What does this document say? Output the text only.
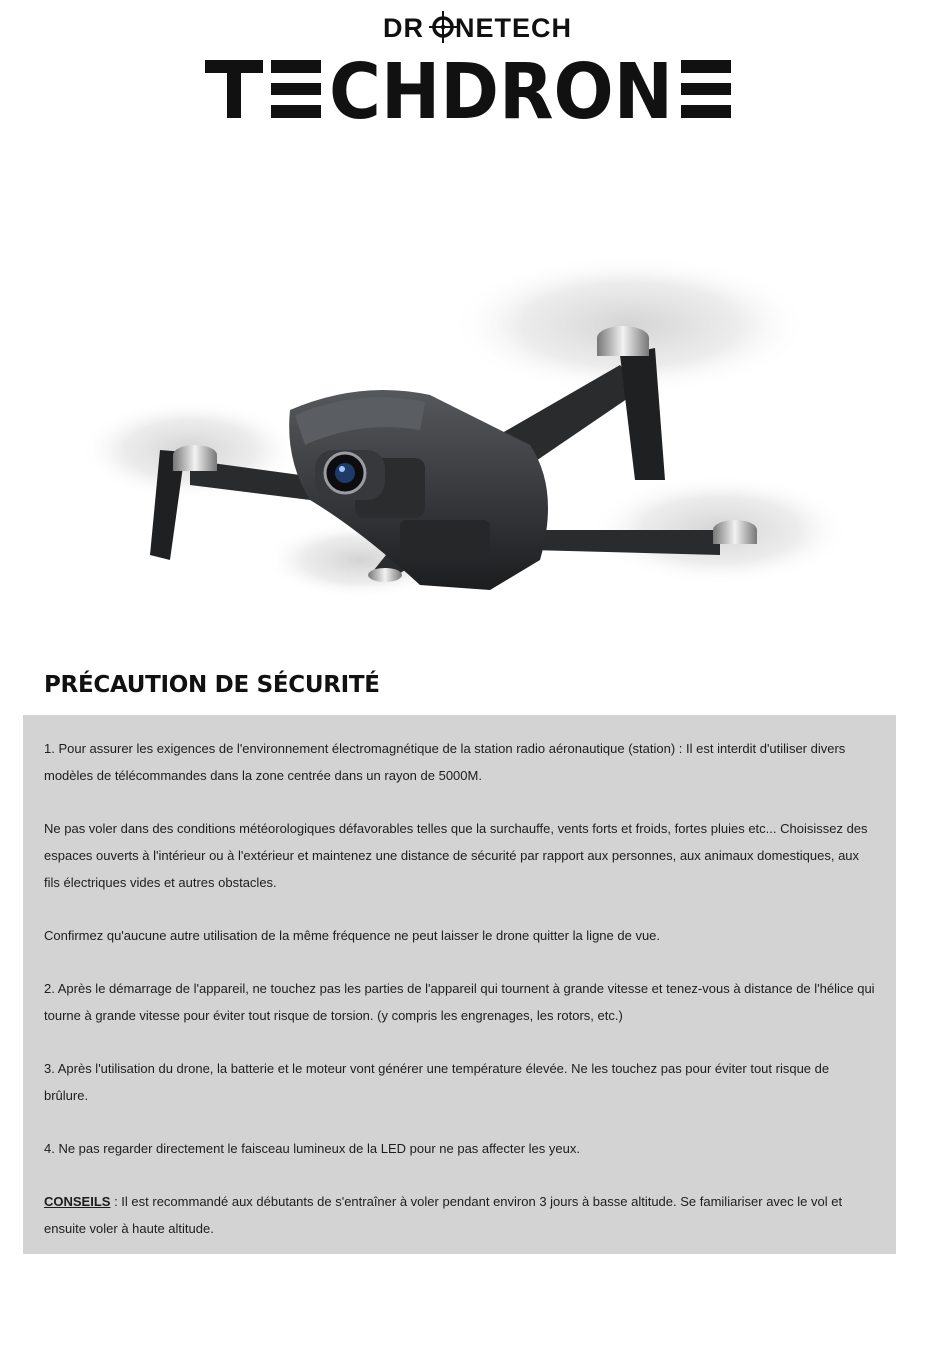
DR NETECH
CHDRON
PRÉCAUTION DE SÉCURITÉ

1. Pour assurer les exigences de l'environnement électromagnétique de la station radio aéronautique (station) : Il est interdit d'utiliser divers modèles de télécommandes dans la zone centrée dans un rayon de 5000M.

Ne pas voler dans des conditions météorologiques défavorables telles que la surchauffe, vents forts et froids, fortes pluies etc... Choisissez des espaces ouverts à l'intérieur ou à l'extérieur et maintenez une distance de sécurité par rapport aux personnes, aux animaux domestiques, aux fils électriques vides et autres obstacles.

Confirmez qu'aucune autre utilisation de la même fréquence ne peut laisser le drone quitter la ligne de vue.

2. Après le démarrage de l'appareil, ne touchez pas les parties de l'appareil qui tournent à grande vitesse et tenez-vous à distance de l'hélice qui tourne à grande vitesse pour éviter tout risque de torsion. (y compris les engrenages, les rotors, etc.)

3. Après l'utilisation du drone, la batterie et le moteur vont générer une température élevée. Ne les touchez pas pour éviter tout risque de brûlure.

4. Ne pas regarder directement le faisceau lumineux de la LED pour ne pas affecter les yeux.

CONSEILS : Il est recommandé aux débutants de s'entraîner à voler pendant environ 3 jours à basse altitude. Se familiariser avec le vol et ensuite voler à haute altitude.
